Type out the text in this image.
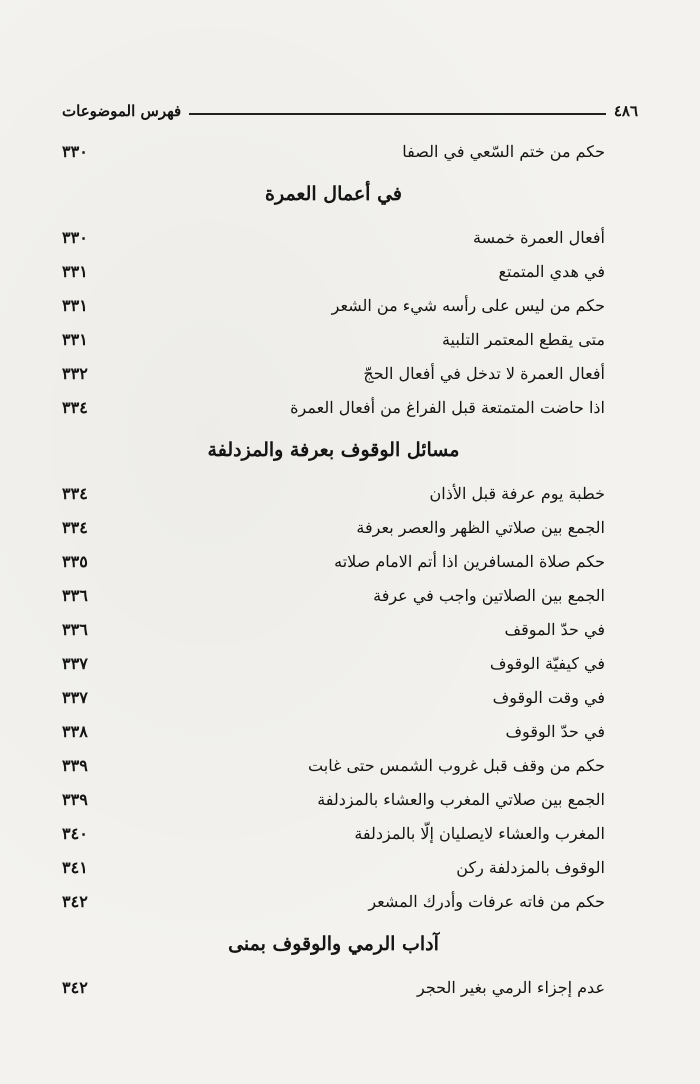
فهرس الموضوعات	٤٨٦
٣٣٠	حكم من ختم السّعي في الصفا
في أعمال العمرة
٣٣٠	أفعال العمرة خمسة
٣٣١	في هدي المتمتع
٣٣١	حكم من ليس على رأسه شيء من الشعر
٣٣١	متى يقطع المعتمر التلبية
٣٣٢	أفعال العمرة لا تدخل في أفعال الحجّ
٣٣٤	اذا حاضت المتمتعة قبل الفراغ من أفعال العمرة
مسائل الوقوف بعرفة والمزدلفة
٣٣٤	خطبة يوم عرفة قبل الأذان
٣٣٤	الجمع بين صلاتي الظهر والعصر بعرفة
٣٣٥	حكم صلاة المسافرين اذا أتم الامام صلاته
٣٣٦	الجمع بين الصلاتين واجب في عرفة
٣٣٦	في حدّ الموقف
٣٣٧	في كيفيّة الوقوف
٣٣٧	في وقت الوقوف
٣٣٨	في حدّ الوقوف
٣٣٩	حكم من وقف قبل غروب الشمس حتى غابت
٣٣٩	الجمع بين صلاتي المغرب والعشاء بالمزدلفة
٣٤٠	المغرب والعشاء لايصليان إلّا بالمزدلفة
٣٤١	الوقوف بالمزدلفة ركن
٣٤٢	حكم من فاته عرفات وأدرك المشعر
آداب الرمي والوقوف بمنى
٣٤٢	عدم إجزاء الرمي بغير الحجر
